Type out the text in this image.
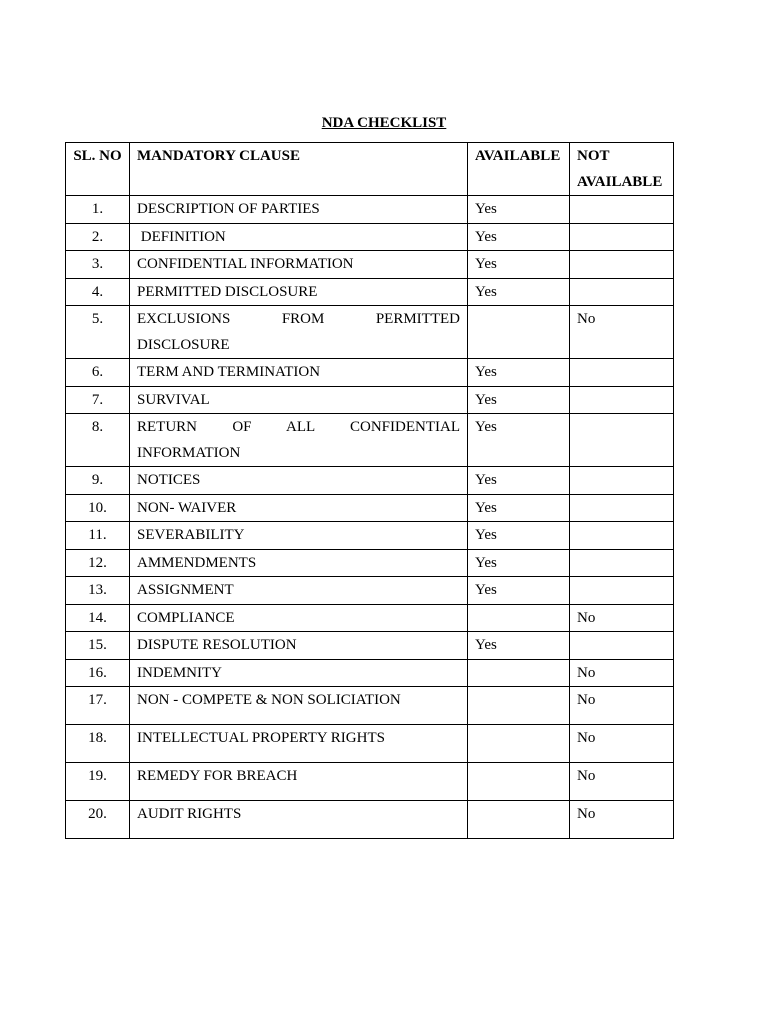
NDA CHECKLIST
SL. NO	MANDATORY CLAUSE	AVAILABLE	NOT AVAILABLE
1.	DESCRIPTION OF PARTIES	Yes	
2.	DEFINITION	Yes	
3.	CONFIDENTIAL INFORMATION	Yes	
4.	PERMITTED DISCLOSURE	Yes	
5.	EXCLUSIONS FROM PERMITTED DISCLOSURE		No
6.	TERM AND TERMINATION	Yes	
7.	SURVIVAL	Yes	
8.	RETURN OF ALL CONFIDENTIAL INFORMATION	Yes	
9.	NOTICES	Yes	
10.	NON- WAIVER	Yes	
11.	SEVERABILITY	Yes	
12.	AMMENDMENTS	Yes	
13.	ASSIGNMENT	Yes	
14.	COMPLIANCE		No
15.	DISPUTE RESOLUTION	Yes	
16.	INDEMNITY		No
17.	NON - COMPETE & NON SOLICIATION		No
18.	INTELLECTUAL PROPERTY RIGHTS		No
19.	REMEDY FOR BREACH		No
20.	AUDIT RIGHTS		No
